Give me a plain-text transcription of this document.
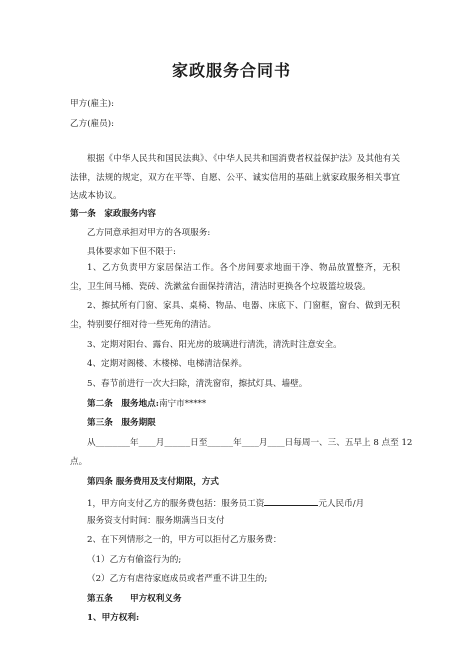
家政服务合同书
甲方(雇主):
乙方(雇员):
根据《中华人民共和国民法典》、《中华人民共和国消费者权益保护法》及其他有关法律，法规的规定，双方在平等、自愿、公平、诚实信用的基础上就家政服务相关事宜达成本协议。
第一条　家政服务内容
乙方同意承担对甲方的各项服务:
具体要求如下但不限于:
1、乙方负责甲方家居保洁工作。各个房间要求地面干净、物品放置整齐，无积尘，卫生间马桶、瓷砖、洗漱盆台面保持清洁，清洁时更换各个垃圾篮垃圾袋。
2、擦拭所有门窗、家具、桌椅、物品、电器、床底下、门窗框，窗台、做到无积尘，特别要仔细对待一些死角的清洁。
3、定期对阳台、露台、阳光房的玻璃进行清洗，清洗时注意安全。
4、定期对阁楼、木楼梯、电梯清洁保养。
5、春节前进行一次大扫除，清洗窗帘，擦拭灯具、墙壁。
第二条　服务地点:南宁市*****
第三条　服务期限
从________年____月______日至______年____月____日每周一、三、五早上 8 点至 12
点。
第四条 服务费用及支付期限，方式
1，甲方向支付乙方的服务费包括：服务员工资	元人民币/月
服务资支付时间：服务期满当日支付
2、在下列情形之一的，甲方可以拒付乙方服务费：
（1）乙方有偷盗行为的;
（2）乙方有虐待家庭成员或者严重不讲卫生的;
第五条　　甲方权利义务
1、甲方权利:
